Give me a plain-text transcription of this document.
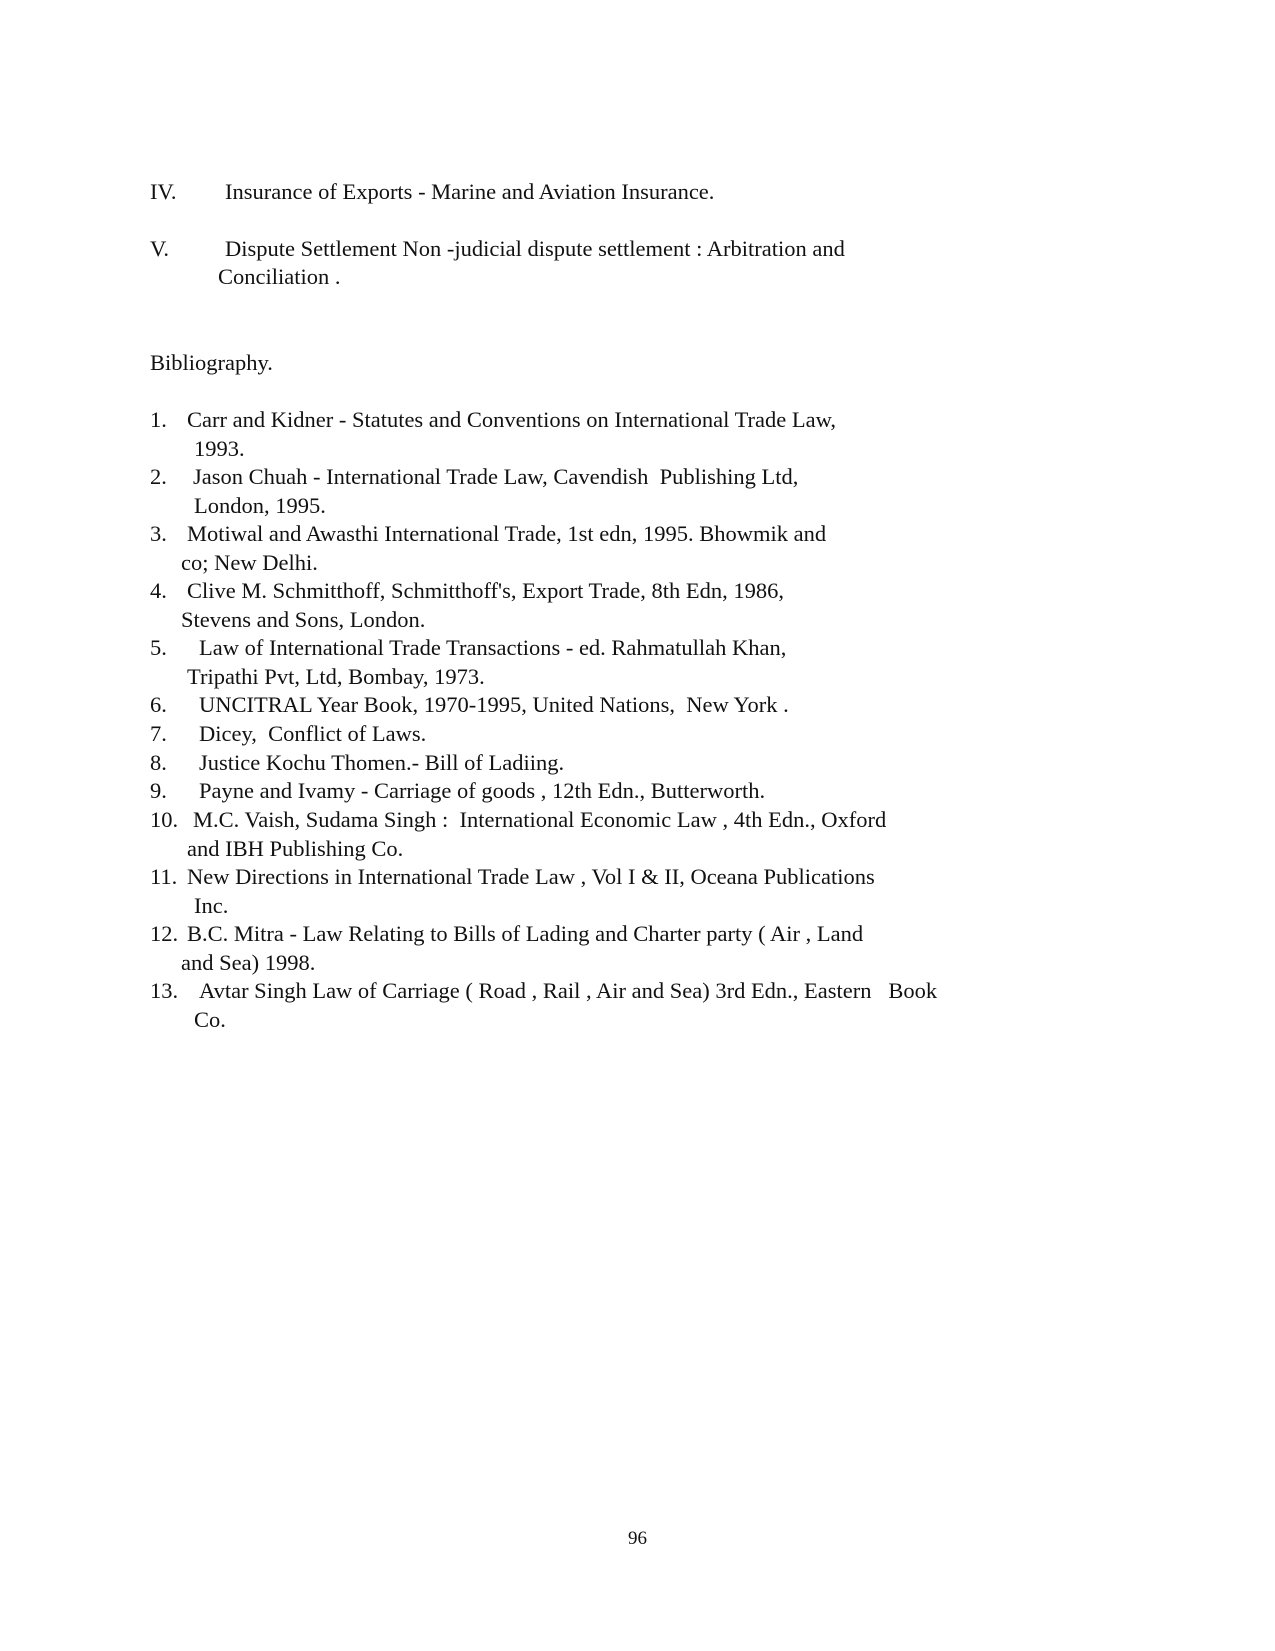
IV. Insurance of Exports - Marine and Aviation Insurance.
V. Dispute Settlement Non -judicial dispute settlement : Arbitration and
Conciliation .
Bibliography.
1. Carr and Kidner - Statutes and Conventions on International Trade Law,
1993.
2. Jason Chuah - International Trade Law, Cavendish  Publishing Ltd,
London, 1995.
3. Motiwal and Awasthi International Trade, 1st edn, 1995. Bhowmik and
co; New Delhi.
4. Clive M. Schmitthoff, Schmitthoff's, Export Trade, 8th Edn, 1986,
Stevens and Sons, London.
5. Law of International Trade Transactions - ed. Rahmatullah Khan,
Tripathi Pvt, Ltd, Bombay, 1973.
6. UNCITRAL Year Book, 1970-1995, United Nations,  New York .
7. Dicey,  Conflict of Laws.
8. Justice Kochu Thomen.- Bill of Ladiing.
9. Payne and Ivamy - Carriage of goods , 12th Edn., Butterworth.
10. M.C. Vaish, Sudama Singh :  International Economic Law , 4th Edn., Oxford
and IBH Publishing Co.
11. New Directions in International Trade Law , Vol I & II, Oceana Publications
Inc.
12. B.C. Mitra - Law Relating to Bills of Lading and Charter party ( Air , Land
and Sea) 1998.
13. Avtar Singh Law of Carriage ( Road , Rail , Air and Sea) 3rd Edn., Eastern   Book
Co.
96
